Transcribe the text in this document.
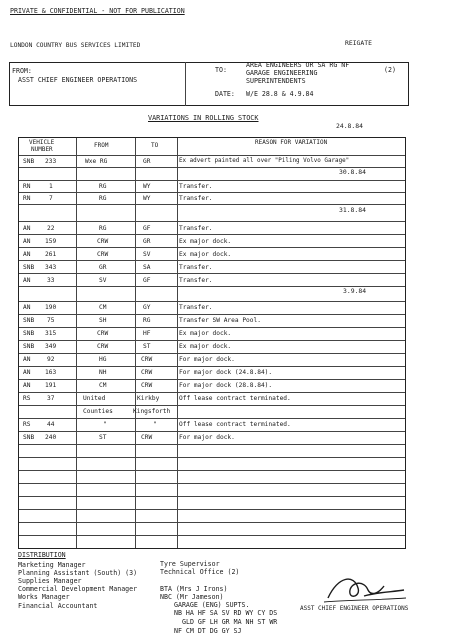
PRIVATE & CONFIDENTIAL - NOT FOR PUBLICATION
LONDON COUNTRY BUS SERVICES LIMITED	REIGATE
FROM:
ASST CHIEF ENGINEER OPERATIONS
TO:
AREA ENGINEERS OR SA RG NF
GARAGE ENGINEERING
SUPERINTENDENTS
DATE: W/E 28.8 & 4.9.84
(2)
VARIATIONS IN ROLLING STOCK
24.8.84
VEHICLE
NUMBER
FROM	TO	REASON FOR VARIATION
SNB 233	Wxe RG	GR	Ex advert painted all over "Piling Volvo Garage"
30.8.84
RN	1	RG	WY	Transfer.
RN	7	RG	WY	Transfer.
31.8.84
AN	22	RG	GF	Transfer.
AN 159	CRW	GR	Ex major dock.
AN 261	CRW	SV	Ex major dock.
SNB 343	GR	SA	Transfer.
AN	33	SV	GF	Transfer.
3.9.84
AN 190	CM	GY	Transfer.
SNB 75	SH	RG	Transfer SW Area Pool.
SNB 315	CRW	HF	Ex major dock.
SNB 349	CRW	ST	Ex major dock.
AN	92	HG	CRW	For major dock.
AN 163	NH	CRW	For major dock (24.8.84).
AN 191	CM	CRW	For major dock (28.8.84).
RS	37	United	Kirkby	Off lease contract terminated.
Counties	Kingsforth
RS	44	"	"	Off lease contract terminated.
SNB 240	ST	CRW	For major dock.
DISTRIBUTION
Marketing Manager
Planning Assistant (South) (3)
Supplies Manager
Commercial Development Manager
Works Manager
Financial Accountant
Tyre Supervisor
Technical Office (2)
BTA (Mrs J Irons)
NBC (Mr Jameson)
GARAGE (ENG) SUPTS.
NB HA HF SA SV RD WY CY DS
GLD GF LH GR MA NH ST WR
NF CM DT DG GY SJ
ASST CHIEF ENGINEER OPERATIONS
